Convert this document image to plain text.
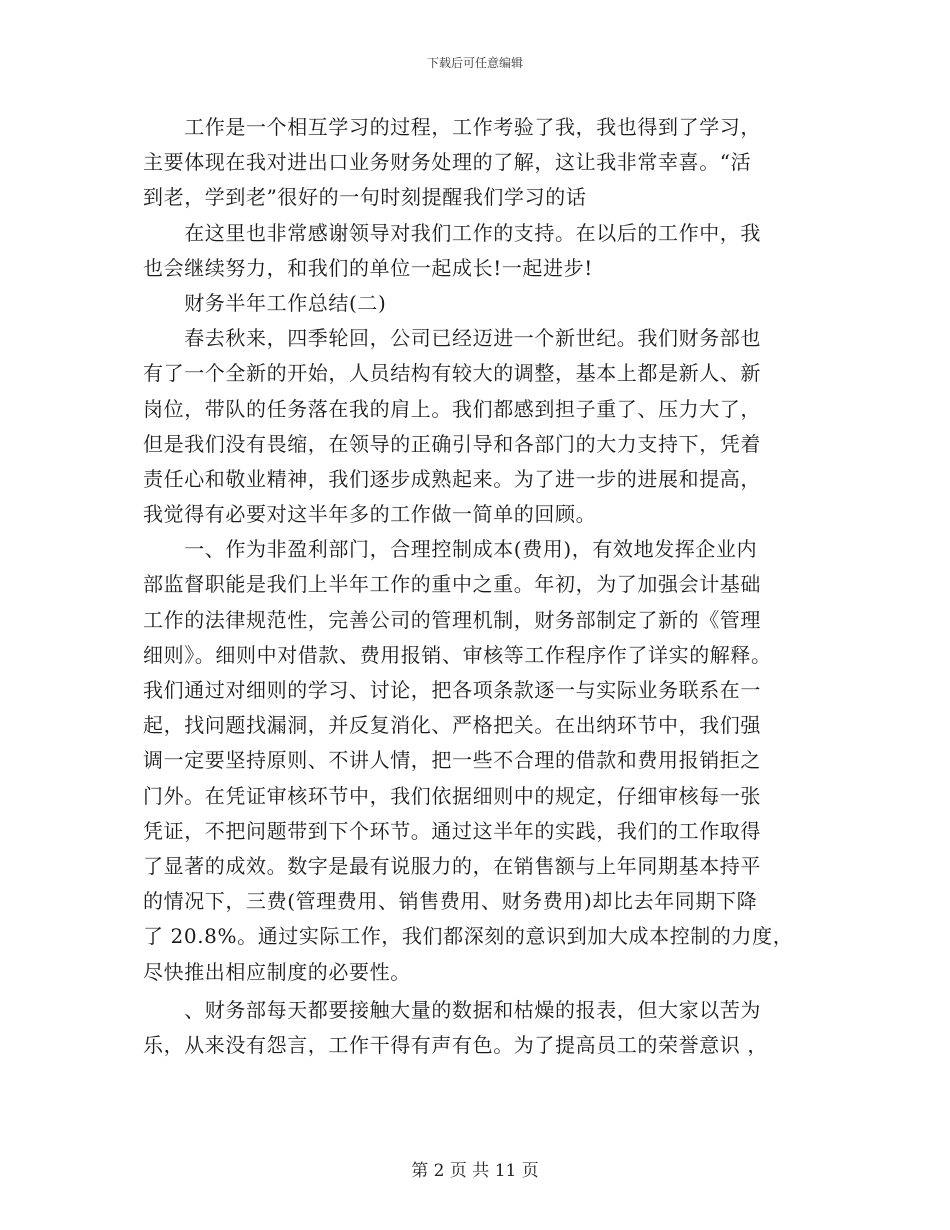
下载后可任意编辑
　　工作是一个相互学习的过程，工作考验了我，我也得到了学习，
主要体现在我对进出口业务财务处理的了解，这让我非常幸喜。“活
到老，学到老”很好的一句时刻提醒我们学习的话
　　在这里也非常感谢领导对我们工作的支持。在以后的工作中，我
也会继续努力，和我们的单位一起成长!一起进步!
　　财务半年工作总结(二)
　　春去秋来，四季轮回，公司已经迈进一个新世纪。我们财务部也
有了一个全新的开始，人员结构有较大的调整，基本上都是新人、新
岗位，带队的任务落在我的肩上。我们都感到担子重了、压力大了，
但是我们没有畏缩，在领导的正确引导和各部门的大力支持下，凭着
责任心和敬业精神，我们逐步成熟起来。为了进一步的进展和提高，
我觉得有必要对这半年多的工作做一简单的回顾。
　　一、作为非盈利部门，合理控制成本(费用)，有效地发挥企业内
部监督职能是我们上半年工作的重中之重。年初，为了加强会计基础
工作的法律规范性，完善公司的管理机制，财务部制定了新的《管理
细则》。细则中对借款、费用报销、审核等工作程序作了详实的解释。
我们通过对细则的学习、讨论，把各项条款逐一与实际业务联系在一
起，找问题找漏洞，并反复消化、严格把关。在出纳环节中，我们强
调一定要坚持原则、不讲人情，把一些不合理的借款和费用报销拒之
门外。在凭证审核环节中，我们依据细则中的规定，仔细审核每一张
凭证，不把问题带到下个环节。通过这半年的实践，我们的工作取得
了显著的成效。数字是最有说服力的，在销售额与上年同期基本持平
的情况下，三费(管理费用、销售费用、财务费用)却比去年同期下降
了 20.8%。通过实际工作，我们都深刻的意识到加大成本控制的力度，
尽快推出相应制度的必要性。
　　、财务部每天都要接触大量的数据和枯燥的报表，但大家以苦为
乐，从来没有怨言，工作干得有声有色。为了提高员工的荣誉意识 ，
第 2 页 共 11 页
